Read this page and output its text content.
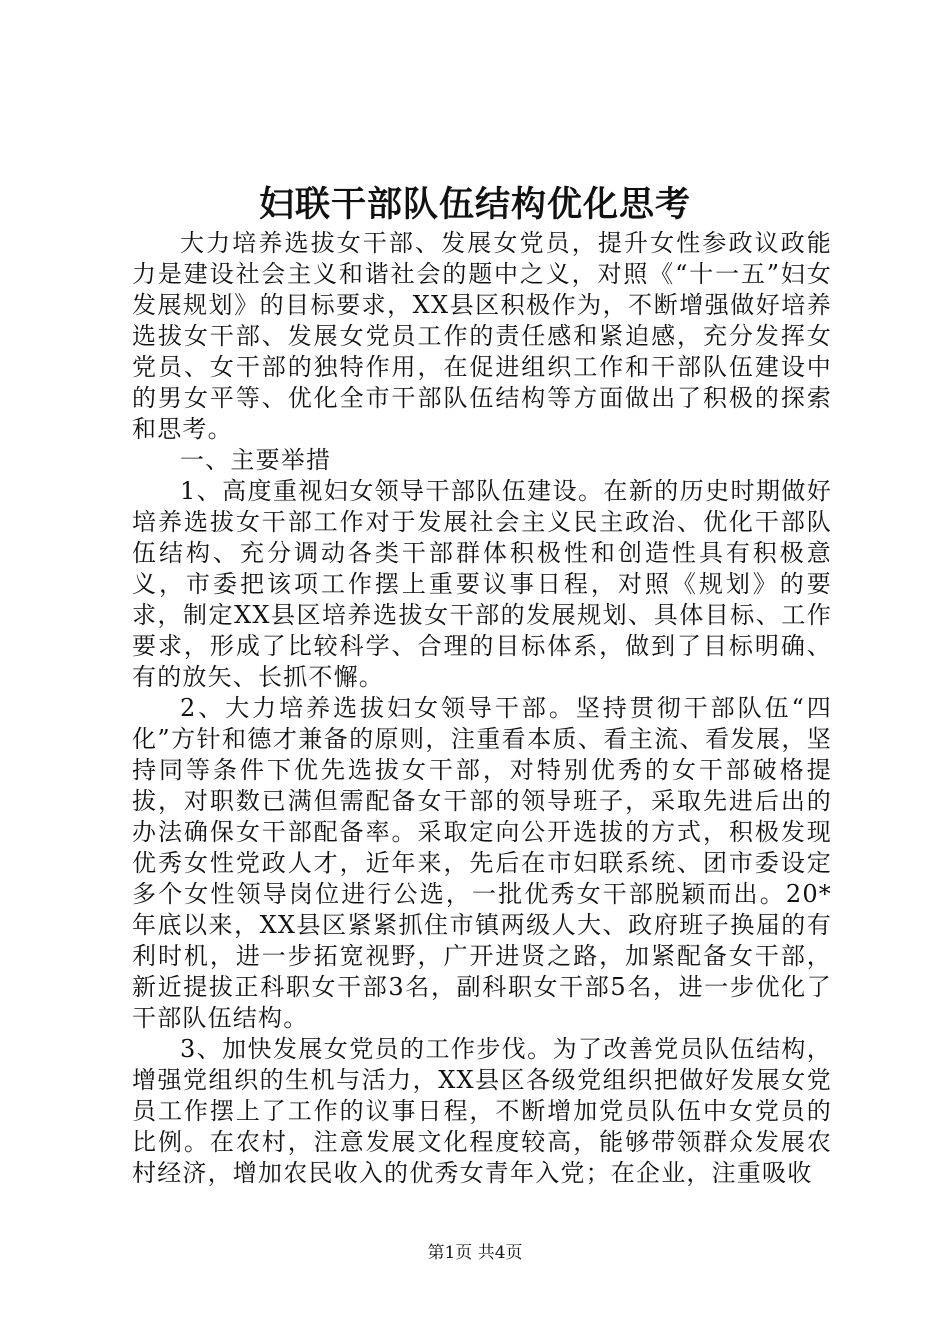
妇联干部队伍结构优化思考

大力培养选拔女干部、发展女党员，提升女性参政议政能力是建设社会主义和谐社会的题中之义，对照《“十一五”妇女发展规划》的目标要求，XX县区积极作为，不断增强做好培养选拔女干部、发展女党员工作的责任感和紧迫感，充分发挥女党员、女干部的独特作用，在促进组织工作和干部队伍建设中的男女平等、优化全市干部队伍结构等方面做出了积极的探索和思考。

一、主要举措

1、高度重视妇女领导干部队伍建设。在新的历史时期做好培养选拔女干部工作对于发展社会主义民主政治、优化干部队伍结构、充分调动各类干部群体积极性和创造性具有积极意义，市委把该项工作摆上重要议事日程，对照《规划》的要求，制定XX县区培养选拔女干部的发展规划、具体目标、工作要求，形成了比较科学、合理的目标体系，做到了目标明确、有的放矢、长抓不懈。

2、大力培养选拔妇女领导干部。坚持贯彻干部队伍“四化”方针和德才兼备的原则，注重看本质、看主流、看发展，坚持同等条件下优先选拔女干部，对特别优秀的女干部破格提拔，对职数已满但需配备女干部的领导班子，采取先进后出的办法确保女干部配备率。采取定向公开选拔的方式，积极发现优秀女性党政人才，近年来，先后在市妇联系统、团市委设定多个女性领导岗位进行公选，一批优秀女干部脱颖而出。20*年底以来，XX县区紧紧抓住市镇两级人大、政府班子换届的有利时机，进一步拓宽视野，广开进贤之路，加紧配备女干部，新近提拔正科职女干部3名，副科职女干部5名，进一步优化了干部队伍结构。

3、加快发展女党员的工作步伐。为了改善党员队伍结构，增强党组织的生机与活力，XX县区各级党组织把做好发展女党员工作摆上了工作的议事日程，不断增加党员队伍中女党员的比例。在农村，注意发展文化程度较高，能够带领群众发展农村经济，增加农民收入的优秀女青年入党；在企业，注重吸收

第1页 共4页
